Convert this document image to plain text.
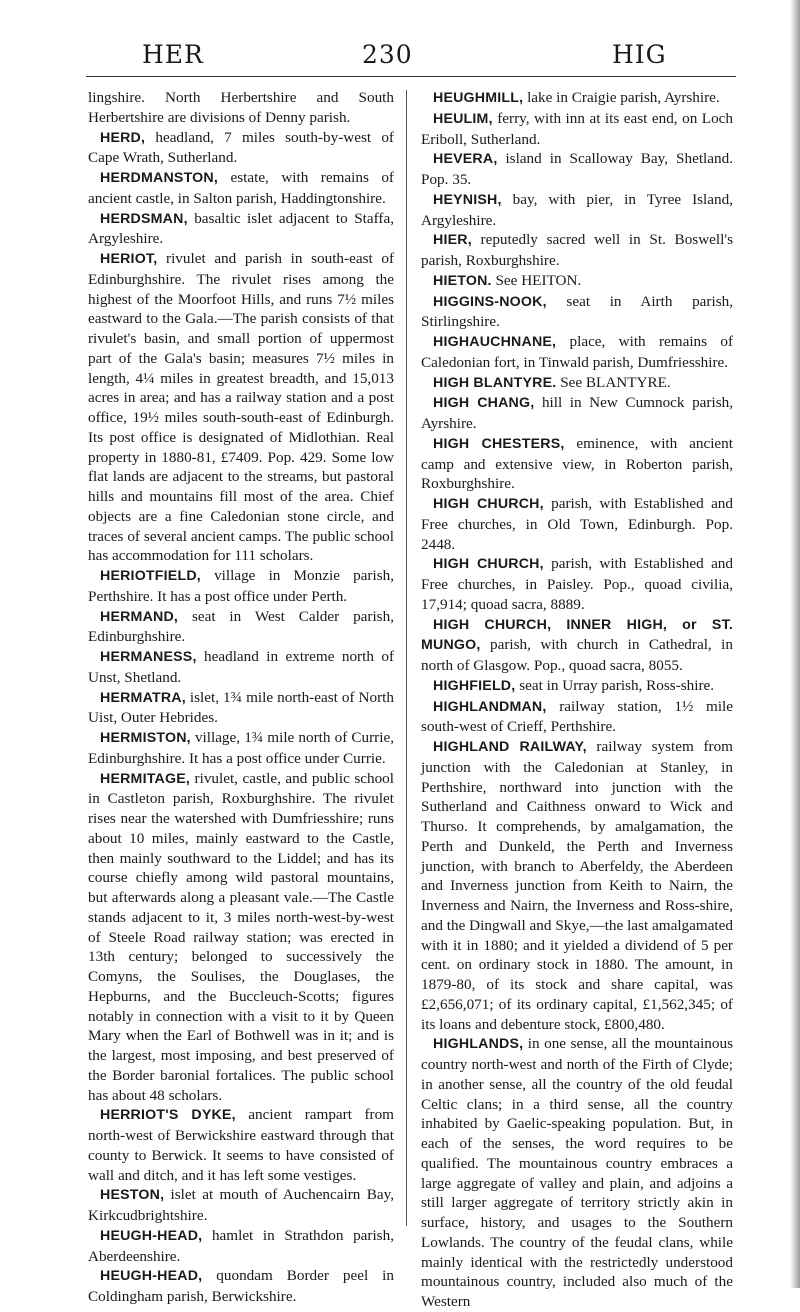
HER	230	HIG

lingshire. North Herbertshire and South Herbertshire are divisions of Denny parish.

HERD, headland, 7 miles south-by-west of Cape Wrath, Sutherland.

HERDMANSTON, estate, with remains of ancient castle, in Salton parish, Haddingtonshire.

HERDSMAN, basaltic islet adjacent to Staffa, Argyleshire.

HERIOT, rivulet and parish in south-east of Edinburghshire. The rivulet rises among the highest of the Moorfoot Hills, and runs 7½ miles eastward to the Gala.—The parish consists of that rivulet's basin, and small portion of uppermost part of the Gala's basin; measures 7½ miles in length, 4¼ miles in greatest breadth, and 15,013 acres in area; and has a railway station and a post office, 19½ miles south-south-east of Edinburgh. Its post office is designated of Midlothian. Real property in 1880-81, £7409. Pop. 429. Some low flat lands are adjacent to the streams, but pastoral hills and mountains fill most of the area. Chief objects are a fine Caledonian stone circle, and traces of several ancient camps. The public school has accommodation for 111 scholars.

HERIOTFIELD, village in Monzie parish, Perthshire. It has a post office under Perth.

HERMAND, seat in West Calder parish, Edinburghshire.

HERMANESS, headland in extreme north of Unst, Shetland.

HERMATRA, islet, 1¾ mile north-east of North Uist, Outer Hebrides.

HERMISTON, village, 1¾ mile north of Currie, Edinburghshire. It has a post office under Currie.

HERMITAGE, rivulet, castle, and public school in Castleton parish, Roxburghshire. The rivulet rises near the watershed with Dumfriesshire; runs about 10 miles, mainly eastward to the Castle, then mainly southward to the Liddel; and has its course chiefly among wild pastoral mountains, but afterwards along a pleasant vale.—The Castle stands adjacent to it, 3 miles north-west-by-west of Steele Road railway station; was erected in 13th century; belonged to successively the Comyns, the Soulises, the Douglases, the Hepburns, and the Buccleuch-Scotts; figures notably in connection with a visit to it by Queen Mary when the Earl of Bothwell was in it; and is the largest, most imposing, and best preserved of the Border baronial fortalices. The public school has about 48 scholars.

HERRIOT'S DYKE, ancient rampart from north-west of Berwickshire eastward through that county to Berwick. It seems to have consisted of wall and ditch, and it has left some vestiges.

HESTON, islet at mouth of Auchencairn Bay, Kirkcudbrightshire.

HEUGH-HEAD, hamlet in Strathdon parish, Aberdeenshire.

HEUGH-HEAD, quondam Border peel in Coldingham parish, Berwickshire.

HEUGHMILL, lake in Craigie parish, Ayrshire.

HEULIM, ferry, with inn at its east end, on Loch Eriboll, Sutherland.

HEVERA, island in Scalloway Bay, Shetland. Pop. 35.

HEYNISH, bay, with pier, in Tyree Island, Argyleshire.

HIER, reputedly sacred well in St. Boswell's parish, Roxburghshire.

HIETON. See HEITON.

HIGGINS-NOOK, seat in Airth parish, Stirlingshire.

HIGHAUCHNANE, place, with remains of Caledonian fort, in Tinwald parish, Dumfriesshire.

HIGH BLANTYRE. See BLANTYRE.

HIGH CHANG, hill in New Cumnock parish, Ayrshire.

HIGH CHESTERS, eminence, with ancient camp and extensive view, in Roberton parish, Roxburghshire.

HIGH CHURCH, parish, with Established and Free churches, in Old Town, Edinburgh. Pop. 2448.

HIGH CHURCH, parish, with Established and Free churches, in Paisley. Pop., quoad civilia, 17,914; quoad sacra, 8889.

HIGH CHURCH, INNER HIGH, or ST. MUNGO, parish, with church in Cathedral, in north of Glasgow. Pop., quoad sacra, 8055.

HIGHFIELD, seat in Urray parish, Ross-shire.

HIGHLANDMAN, railway station, 1½ mile south-west of Crieff, Perthshire.

HIGHLAND RAILWAY, railway system from junction with the Caledonian at Stanley, in Perthshire, northward into junction with the Sutherland and Caithness onward to Wick and Thurso. It comprehends, by amalgamation, the Perth and Dunkeld, the Perth and Inverness junction, with branch to Aberfeldy, the Aberdeen and Inverness junction from Keith to Nairn, the Inverness and Nairn, the Inverness and Ross-shire, and the Dingwall and Skye,—the last amalgamated with it in 1880; and it yielded a dividend of 5 per cent. on ordinary stock in 1880. The amount, in 1879-80, of its stock and share capital, was £2,656,071; of its ordinary capital, £1,562,345; of its loans and debenture stock, £800,480.

HIGHLANDS, in one sense, all the mountainous country north-west and north of the Firth of Clyde; in another sense, all the country of the old feudal Celtic clans; in a third sense, all the country inhabited by Gaelic-speaking population. But, in each of the senses, the word requires to be qualified. The mountainous country embraces a large aggregate of valley and plain, and adjoins a still larger aggregate of territory strictly akin in surface, history, and usages to the Southern Lowlands. The country of the feudal clans, while mainly identical with the restrictedly understood mountainous country, included also much of the Western
